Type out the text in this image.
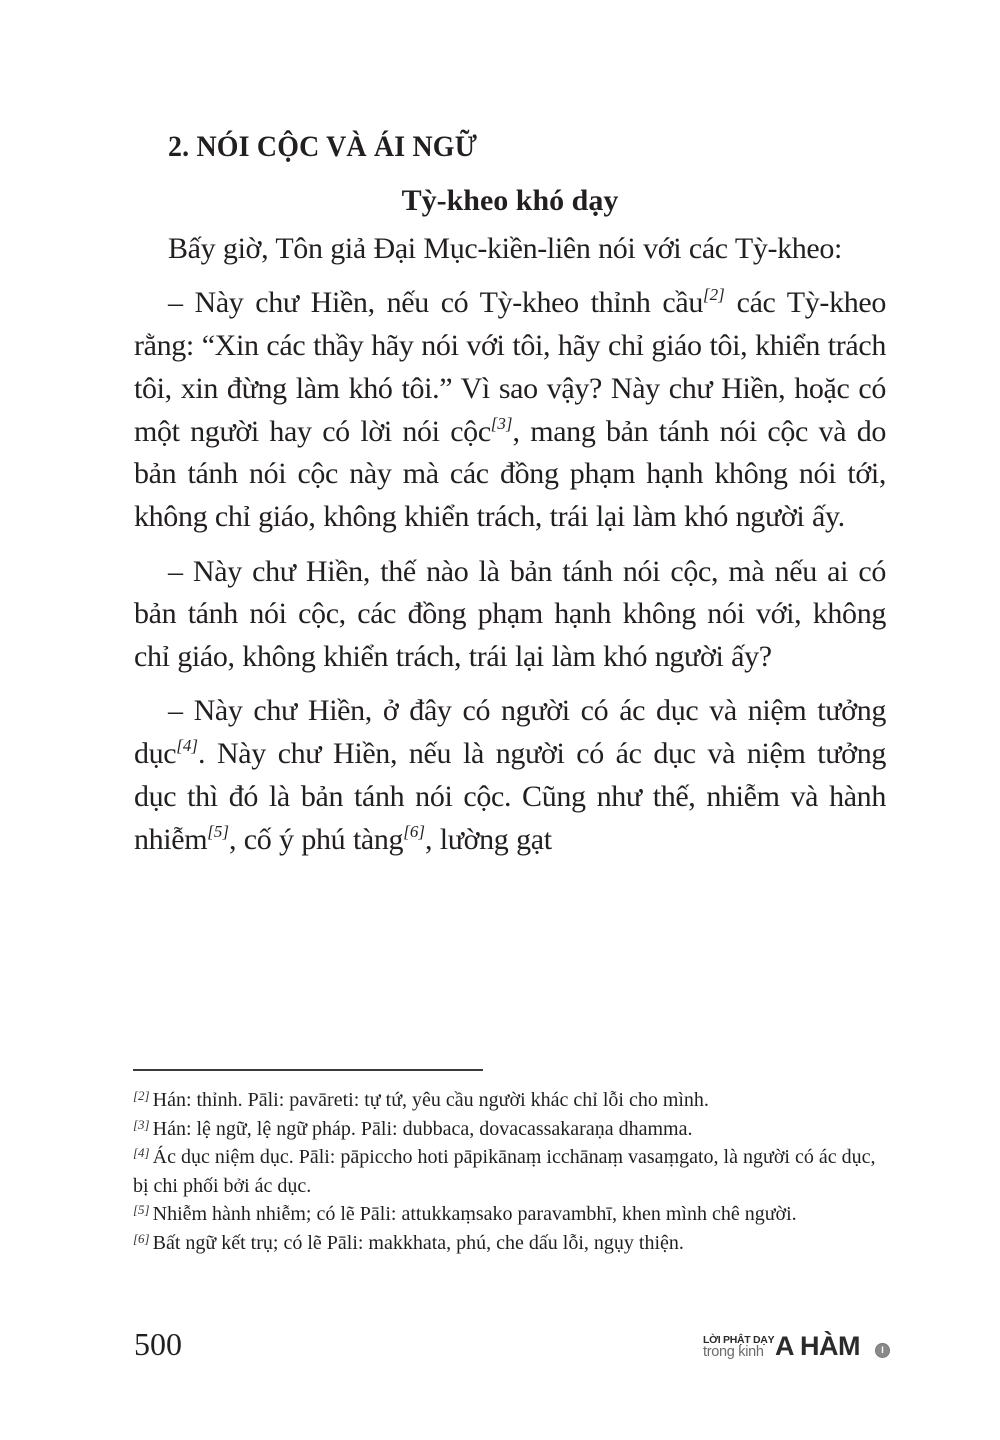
2. NÓI CỘC VÀ ÁI NGỮ
Tỳ-kheo khó dạy

Bấy giờ, Tôn giả Đại Mục-kiền-liên nói với các Tỳ-kheo:

– Này chư Hiền, nếu có Tỳ-kheo thỉnh cầu[2] các Tỳ-kheo rằng: “Xin các thầy hãy nói với tôi, hãy chỉ giáo tôi, khiển trách tôi, xin đừng làm khó tôi.” Vì sao vậy? Này chư Hiền, hoặc có một người hay có lời nói cộc[3], mang bản tánh nói cộc và do bản tánh nói cộc này mà các đồng phạm hạnh không nói tới, không chỉ giáo, không khiển trách, trái lại làm khó người ấy.

– Này chư Hiền, thế nào là bản tánh nói cộc, mà nếu ai có bản tánh nói cộc, các đồng phạm hạnh không nói với, không chỉ giáo, không khiển trách, trái lại làm khó người ấy?

– Này chư Hiền, ở đây có người có ác dục và niệm tưởng dục[4]. Này chư Hiền, nếu là người có ác dục và niệm tưởng dục thì đó là bản tánh nói cộc. Cũng như thế, nhiễm và hành nhiễm[5], cố ý phú tàng[6], lường gạt

[2] Hán: thỉnh. Pāli: pavāreti: tự tứ, yêu cầu người khác chỉ lỗi cho mình.

[3] Hán: lệ ngữ, lệ ngữ pháp. Pāli: dubbaca, dovacassakaraṇa dhamma.

[4] Ác dục niệm dục. Pāli: pāpiccho hoti pāpikānaṃ icchānaṃ vasaṃgato, là người có ác dục, bị chi phối bởi ác dục.

[5] Nhiễm hành nhiễm; có lẽ Pāli: attukkaṃsako paravambhī, khen mình chê người.

[6] Bất ngữ kết trụ; có lẽ Pāli: makkhata, phú, che dấu lỗi, ngụy thiện.

500	LỜI PHẬT DẠY
trong kinh A HÀM	I
